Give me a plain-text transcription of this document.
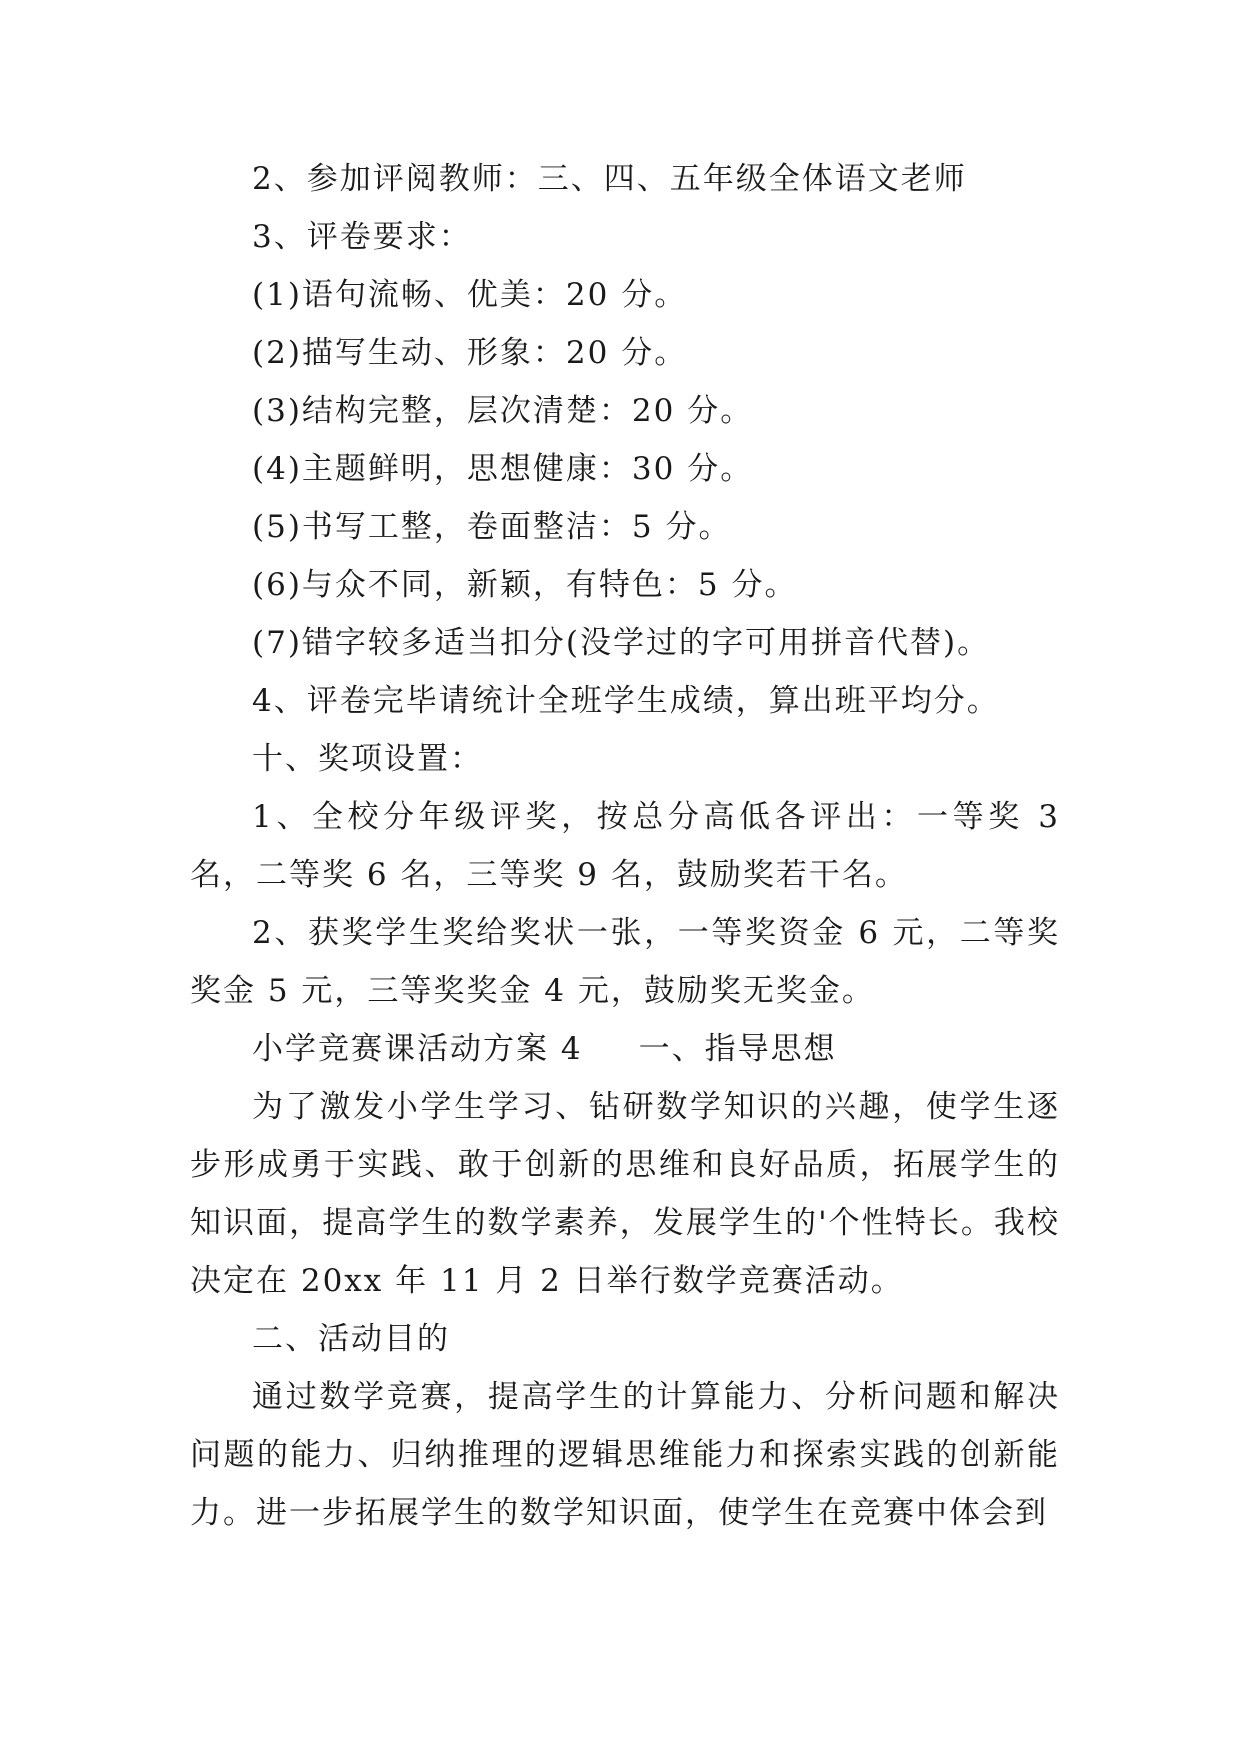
2、参加评阅教师：三、四、五年级全体语文老师

3、评卷要求：

(1)语句流畅、优美：20 分。

(2)描写生动、形象：20 分。

(3)结构完整，层次清楚：20 分。

(4)主题鲜明，思想健康：30 分。

(5)书写工整，卷面整洁：5 分。

(6)与众不同，新颖，有特色：5 分。

(7)错字较多适当扣分(没学过的字可用拼音代替)。

4、评卷完毕请统计全班学生成绩，算出班平均分。

十、奖项设置：

1、全校分年级评奖，按总分高低各评出：一等奖 3 名，二等奖 6 名，三等奖 9 名，鼓励奖若干名。

2、获奖学生奖给奖状一张，一等奖资金 6 元，二等奖奖金 5 元，三等奖奖金 4 元，鼓励奖无奖金。

小学竞赛课活动方案 4 一、指导思想

为了激发小学生学习、钻研数学知识的兴趣，使学生逐步形成勇于实践、敢于创新的思维和良好品质，拓展学生的知识面，提高学生的数学素养，发展学生的'个性特长。我校决定在 20xx 年 11 月 2 日举行数学竞赛活动。

二、活动目的

通过数学竞赛，提高学生的计算能力、分析问题和解决问题的能力、归纳推理的逻辑思维能力和探索实践的创新能力。进一步拓展学生的数学知识面，使学生在竞赛中体会到
